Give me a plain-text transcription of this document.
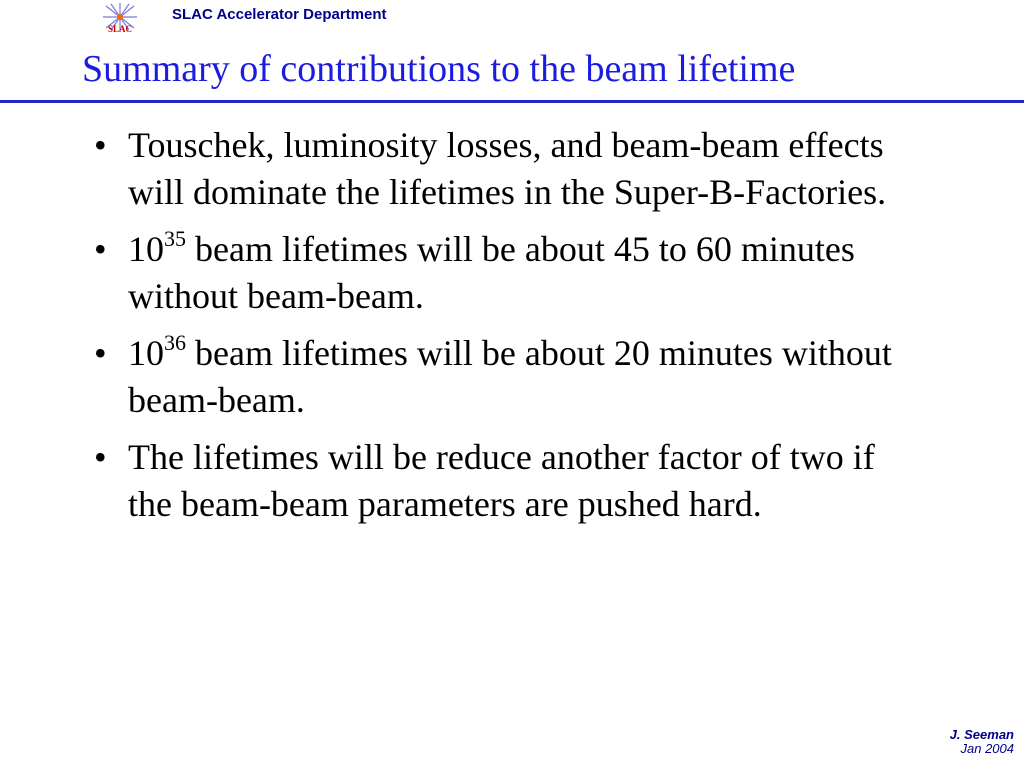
SLAC
SLAC Accelerator Department
Summary of contributions to the beam lifetime
• Touschek, luminosity losses, and beam-beam effects will dominate the lifetimes in the Super-B-Factories.
• $10^{35}$ beam lifetimes will be about 45 to 60 minutes without beam-beam.
• $10^{36}$ beam lifetimes will be about 20 minutes without beam-beam.
• The lifetimes will be reduce another factor of two if the beam-beam parameters are pushed hard.
J. Seeman
Jan 2004
